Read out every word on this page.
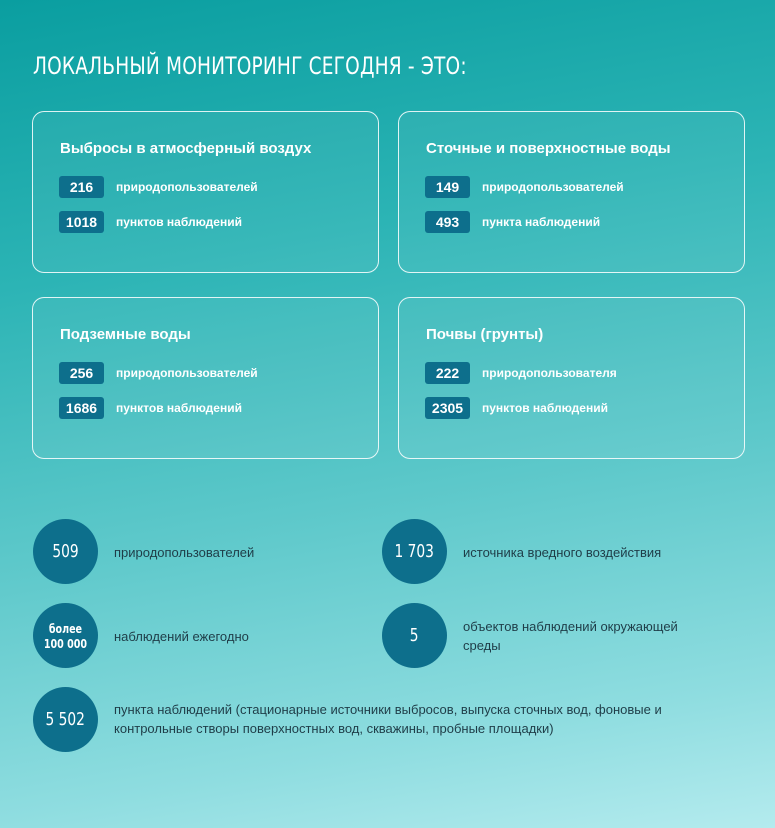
ЛОКАЛЬНЫЙ МОНИТОРИНГ СЕГОДНЯ - ЭТО:
Выбросы в атмосферный воздух
216	природопользователей
1018	пунктов наблюдений
Сточные и поверхностные воды
149	природопользователей
493	пункта наблюдений
Подземные воды
256	природопользователей
1686	пунктов наблюдений
Почвы (грунты)
222	природопользователя
2305	пунктов наблюдений
509	природопользователей	1 703 источника вредного воздействия
более
100 000 наблюдений ежегодно	5	объектов наблюдений окружающей
среды
5 502 пункта наблюдений (стационарные источники выбросов, выпуска сточных вод, фоновые и
контрольные створы поверхностных вод, скважины, пробные площадки)
